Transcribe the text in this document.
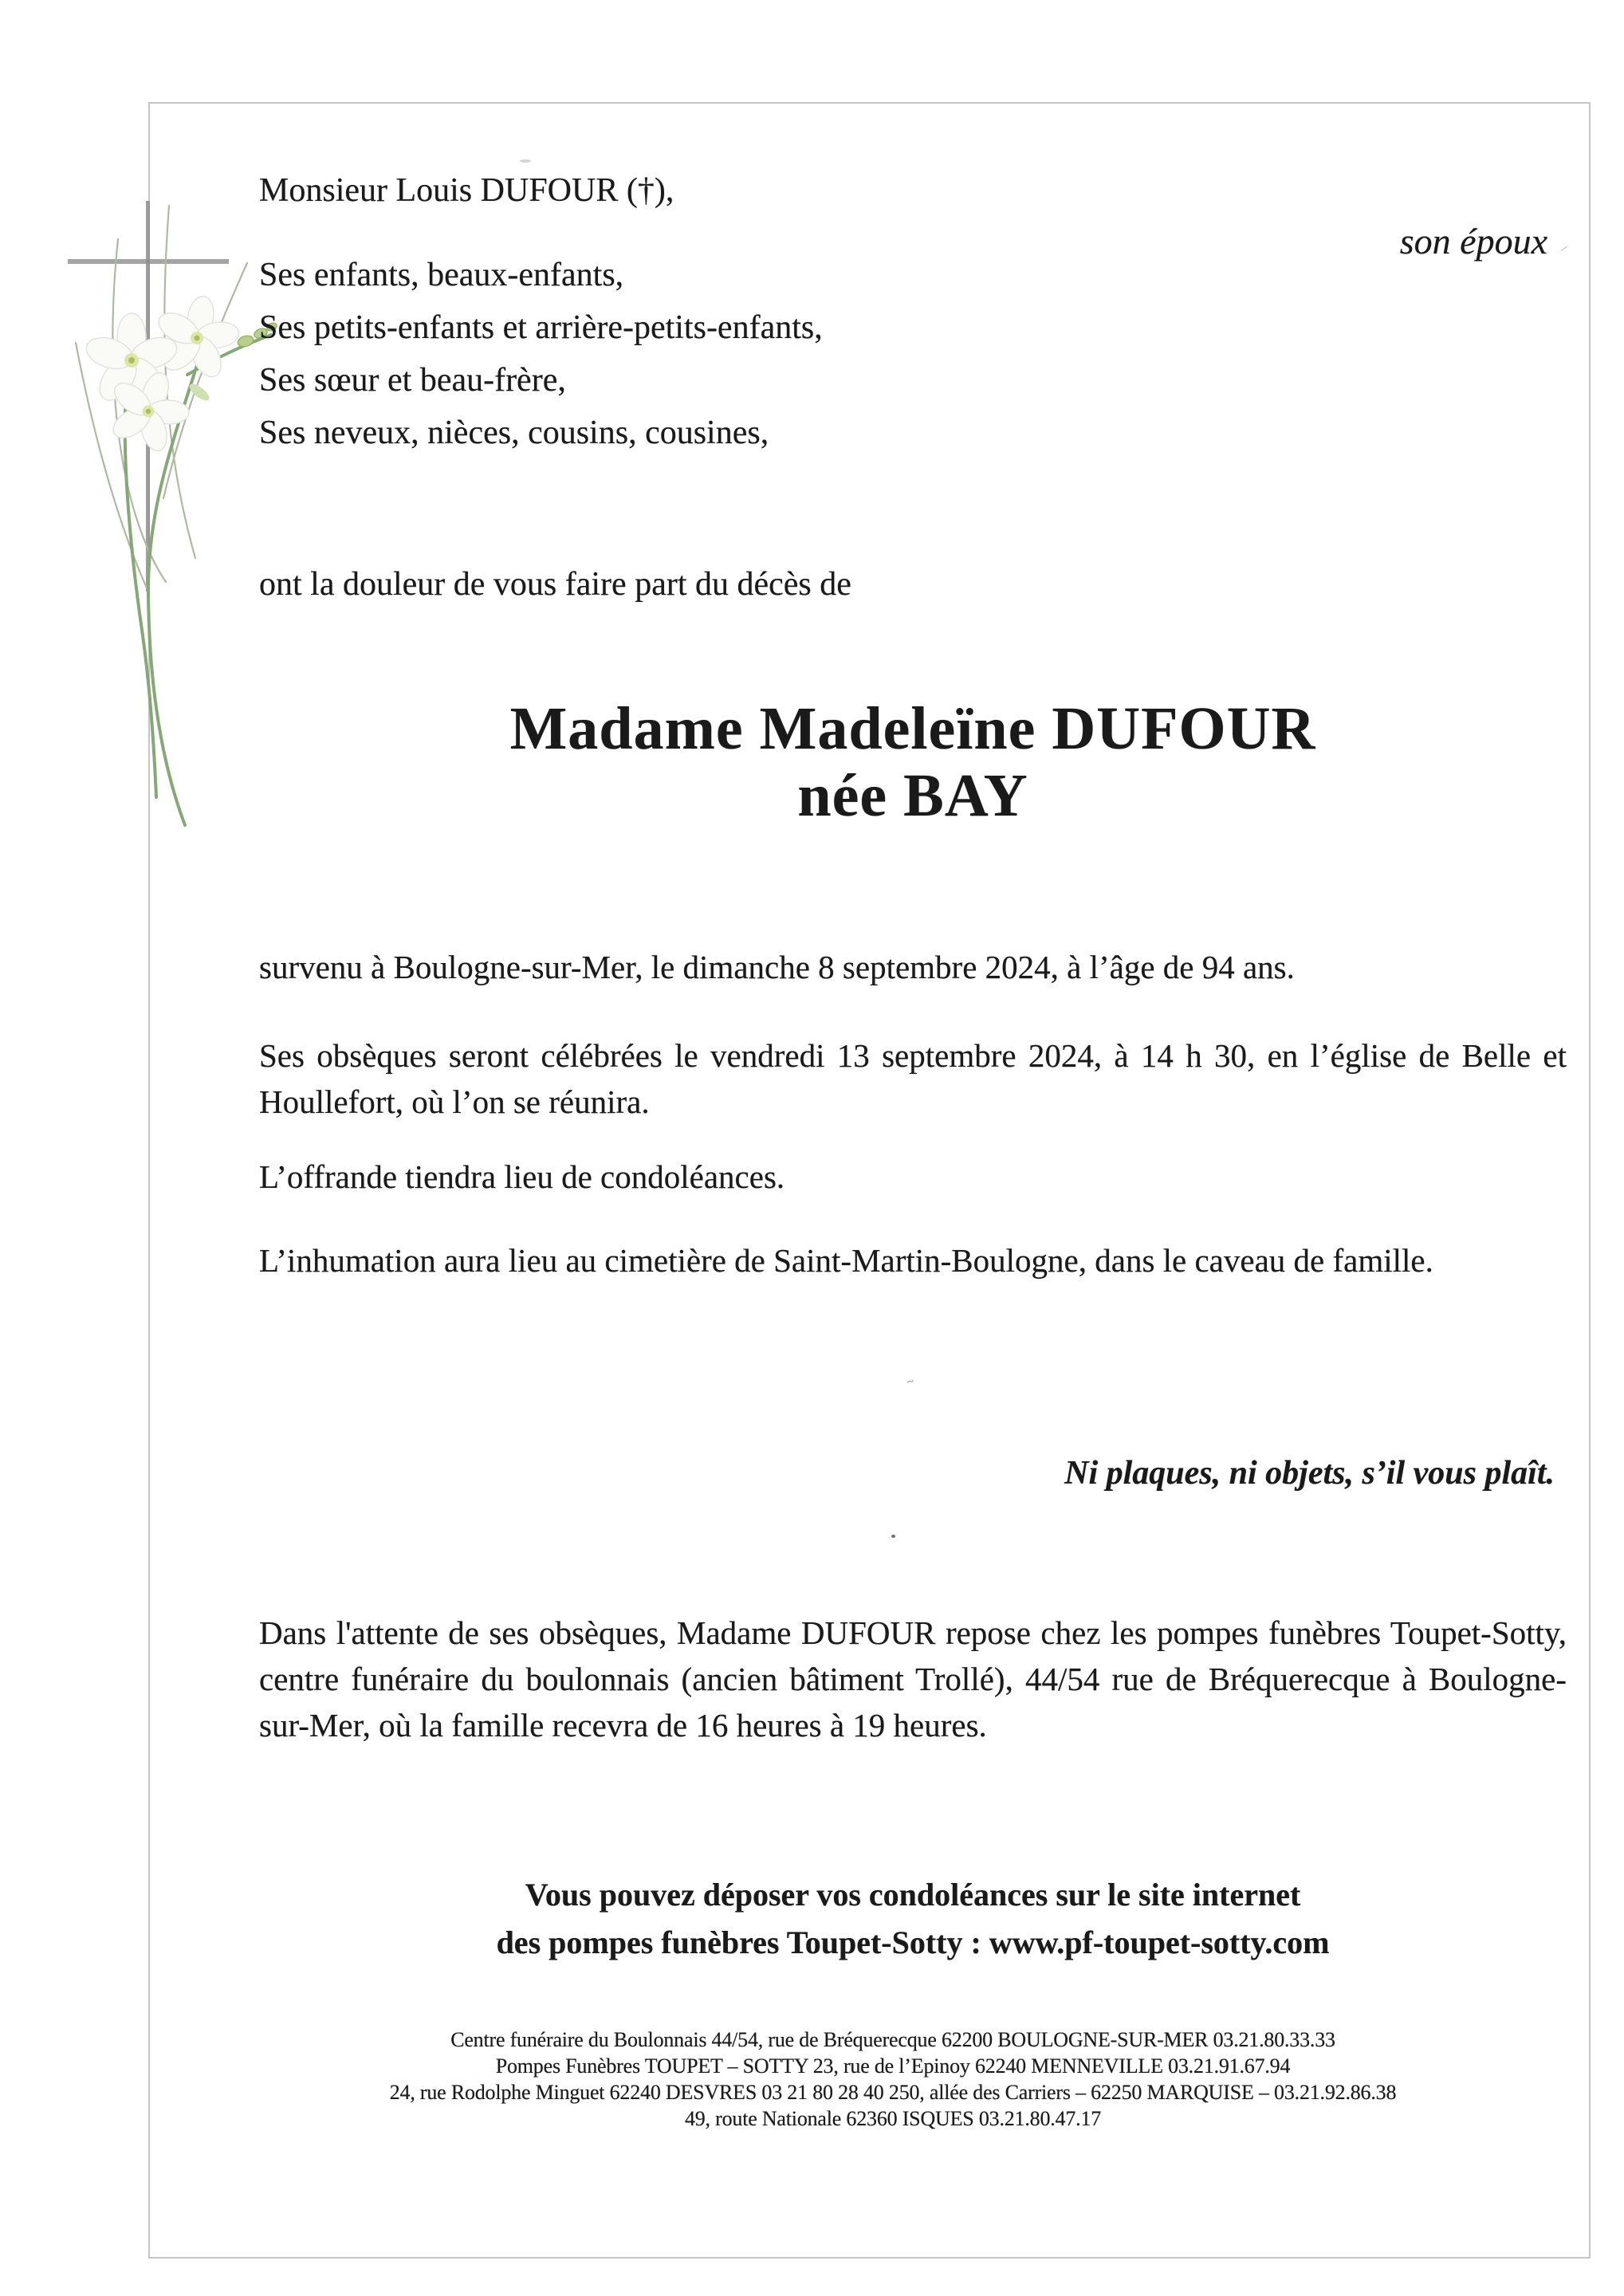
Monsieur Louis DUFOUR (†),
son époux
Ses enfants, beaux-enfants,
Ses petits-enfants et arrière-petits-enfants,
Ses sœur et beau-frère,
Ses neveux, nièces, cousins, cousines,
ont la douleur de vous faire part du décès de
Madame Madeleïne DUFOUR
née BAY
survenu à Boulogne-sur-Mer, le dimanche 8 septembre 2024, à l’âge de 94 ans.
Ses obsèques seront célébrées le vendredi 13 septembre 2024, à 14 h 30, en l’église de Belle et Houllefort, où l’on se réunira.
L’offrande tiendra lieu de condoléances.
L’inhumation aura lieu au cimetière de Saint-Martin-Boulogne, dans le caveau de famille.
Ni plaques, ni objets, s’il vous plaît.
Dans l'attente de ses obsèques, Madame DUFOUR repose chez les pompes funèbres Toupet-Sotty, centre funéraire du boulonnais (ancien bâtiment Trollé), 44/54 rue de Bréquerecque à Boulogne-sur-Mer, où la famille recevra de 16 heures à 19 heures.
Vous pouvez déposer vos condoléances sur le site internet
des pompes funèbres Toupet-Sotty : www.pf-toupet-sotty.com
Centre funéraire du Boulonnais 44/54, rue de Bréquerecque 62200 BOULOGNE-SUR-MER 03.21.80.33.33
Pompes Funèbres TOUPET – SOTTY 23, rue de l’Epinoy 62240 MENNEVILLE 03.21.91.67.94
24, rue Rodolphe Minguet 62240 DESVRES 03 21 80 28 40 250, allée des Carriers – 62250 MARQUISE – 03.21.92.86.38
49, route Nationale 62360 ISQUES 03.21.80.47.17
~
/
